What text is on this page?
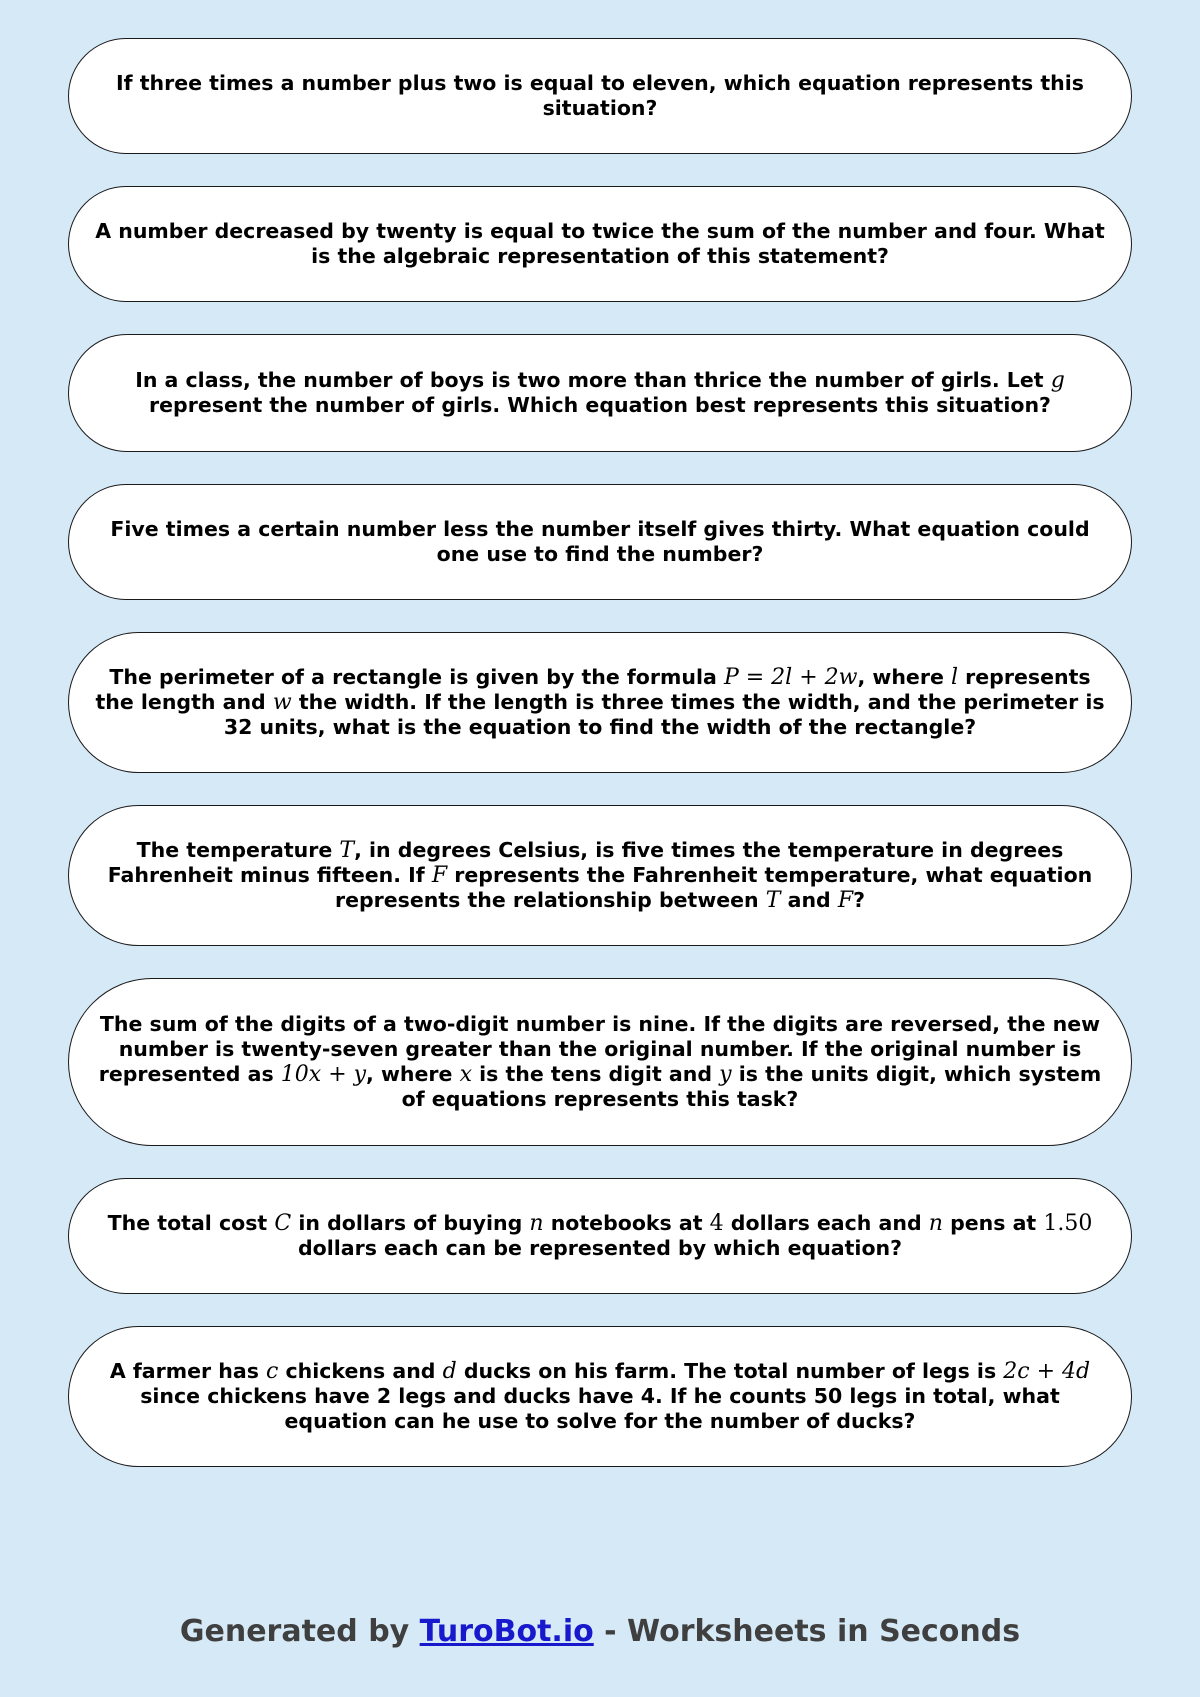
If three times a number plus two is equal to eleven, which equation represents this situation?
A number decreased by twenty is equal to twice the sum of the number and four. What is the algebraic representation of this statement?
In a class, the number of boys is two more than thrice the number of girls. Let g represent the number of girls. Which equation best represents this situation?
Five times a certain number less the number itself gives thirty. What equation could one use to find the number?
The perimeter of a rectangle is given by the formula P = 2l + 2w, where l represents the length and w the width. If the length is three times the width, and the perimeter is 32 units, what is the equation to find the width of the rectangle?
The temperature T, in degrees Celsius, is five times the temperature in degrees Fahrenheit minus fifteen. If F represents the Fahrenheit temperature, what equation represents the relationship between T and F?
The sum of the digits of a two-digit number is nine. If the digits are reversed, the new number is twenty-seven greater than the original number. If the original number is represented as 10x + y, where x is the tens digit and y is the units digit, which system of equations represents this task?
The total cost C in dollars of buying n notebooks at 4 dollars each and n pens at 1.50 dollars each can be represented by which equation?
A farmer has c chickens and d ducks on his farm. The total number of legs is 2c + 4d since chickens have 2 legs and ducks have 4. If he counts 50 legs in total, what equation can he use to solve for the number of ducks?
Generated by TuroBot.io - Worksheets in Seconds
